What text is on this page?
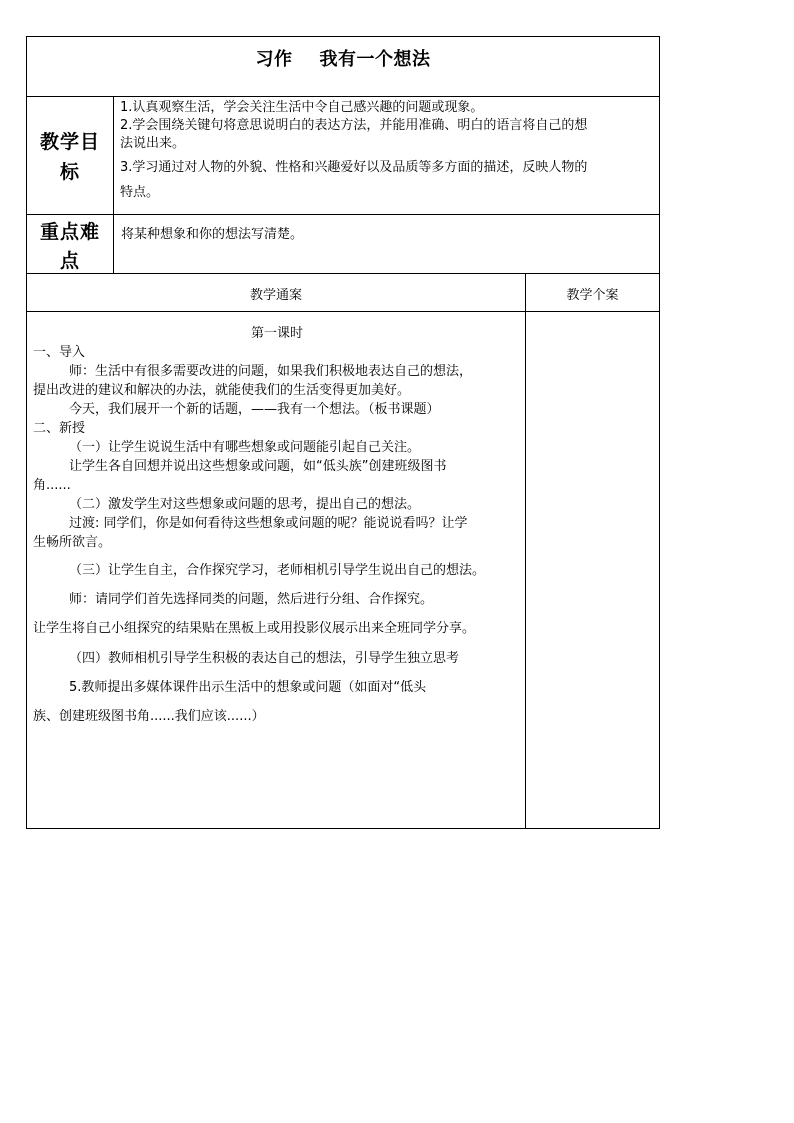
习作    我有一个想法
教学目
标
1.认真观察生活，学会关注生活中令自己感兴趣的问题或现象。
2.学会围绕关键句将意思说明白的表达方法，并能用准确、明白的语言将自己的想
法说出来。
3.学习通过对人物的外貌、性格和兴趣爱好以及品质等多方面的描述，反映人物的
特点。
重点难
点
将某种想象和你的想法写清楚。
教学通案	教学个案
第一课时
一、导入
师：生活中有很多需要改进的问题，如果我们积极地表达自己的想法，
提出改进的建议和解决的办法，就能使我们的生活变得更加美好。
今天，我们展开一个新的话题，——我有一个想法。（板书课题）
二、新授
（一）让学生说说生活中有哪些想象或问题能引起自己关注。
让学生各自回想并说出这些想象或问题，如“低头族”创建班级图书
角......
（二）激发学生对这些想象或问题的思考，提出自己的想法。
过渡: 同学们，你是如何看待这些想象或问题的呢？能说说看吗？让学
生畅所欲言。
（三）让学生自主，合作探究学习，老师相机引导学生说出自己的想法。
师：请同学们首先选择同类的问题，然后进行分组、合作探究。
让学生将自己小组探究的结果贴在黑板上或用投影仪展示出来全班同学分享。
（四）教师相机引导学生积极的表达自己的想法，引导学生独立思考
5.教师提出多媒体课件出示生活中的想象或问题（如面对“低头
族、创建班级图书角......我们应该......）
